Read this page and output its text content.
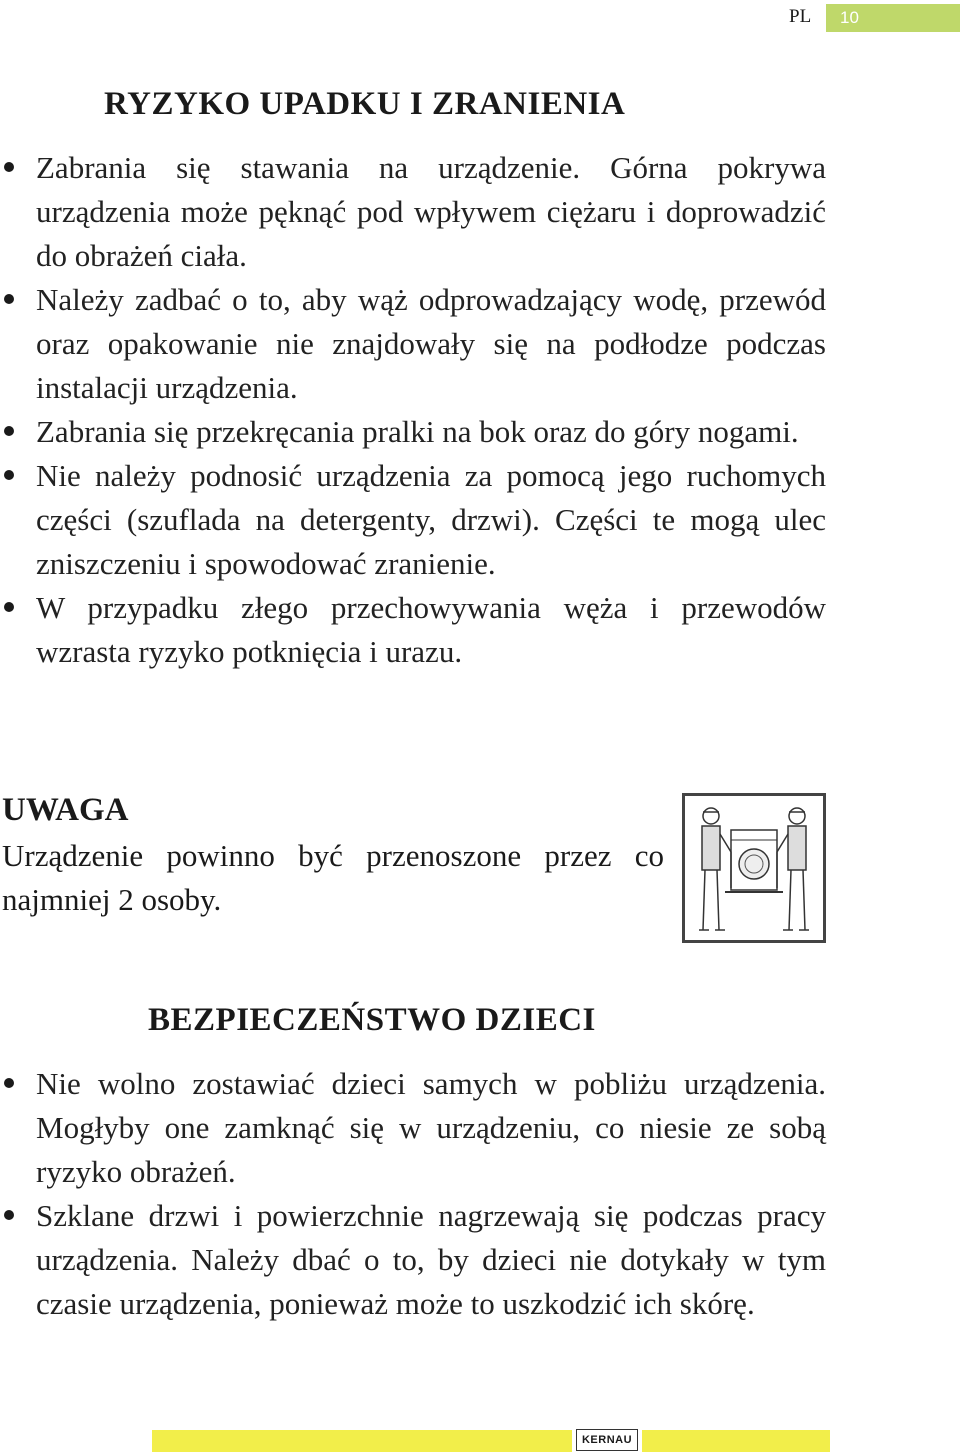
PL	10
RYZYKO UPADKU I ZRANIENIA
Zabrania się stawania na urządzenie. Górna pokrywa urządzenia może pęknąć pod wpływem ciężaru i doprowadzić do obrażeń ciała.
Należy zadbać o to, aby wąż odprowadzający wodę, przewód oraz opakowanie nie znajdowały się na podłodze podczas instalacji urządzenia.
Zabrania się przekręcania pralki na bok oraz do góry nogami.
Nie należy podnosić urządzenia za pomocą jego ruchomych części (szuflada na detergenty, drzwi). Części te mogą ulec zniszczeniu i spowodować zranienie.
W przypadku złego przechowywania węża i przewodów wzrasta ryzyko potknięcia i urazu.

UWAGA

Urządzenie powinno być przenoszone przez co najmniej 2 osoby.

BEZPIECZEŃSTWO DZIECI
Nie wolno zostawiać dzieci samych w pobliżu urządzenia. Mogłyby one zamknąć się w urządzeniu, co niesie ze sobą ryzyko obrażeń.
Szklane drzwi i powierzchnie nagrzewają się podczas pracy urządzenia. Należy dbać o to, by dzieci nie dotykały w tym czasie urządzenia, ponieważ może to uszkodzić ich skórę.
KERNAU
